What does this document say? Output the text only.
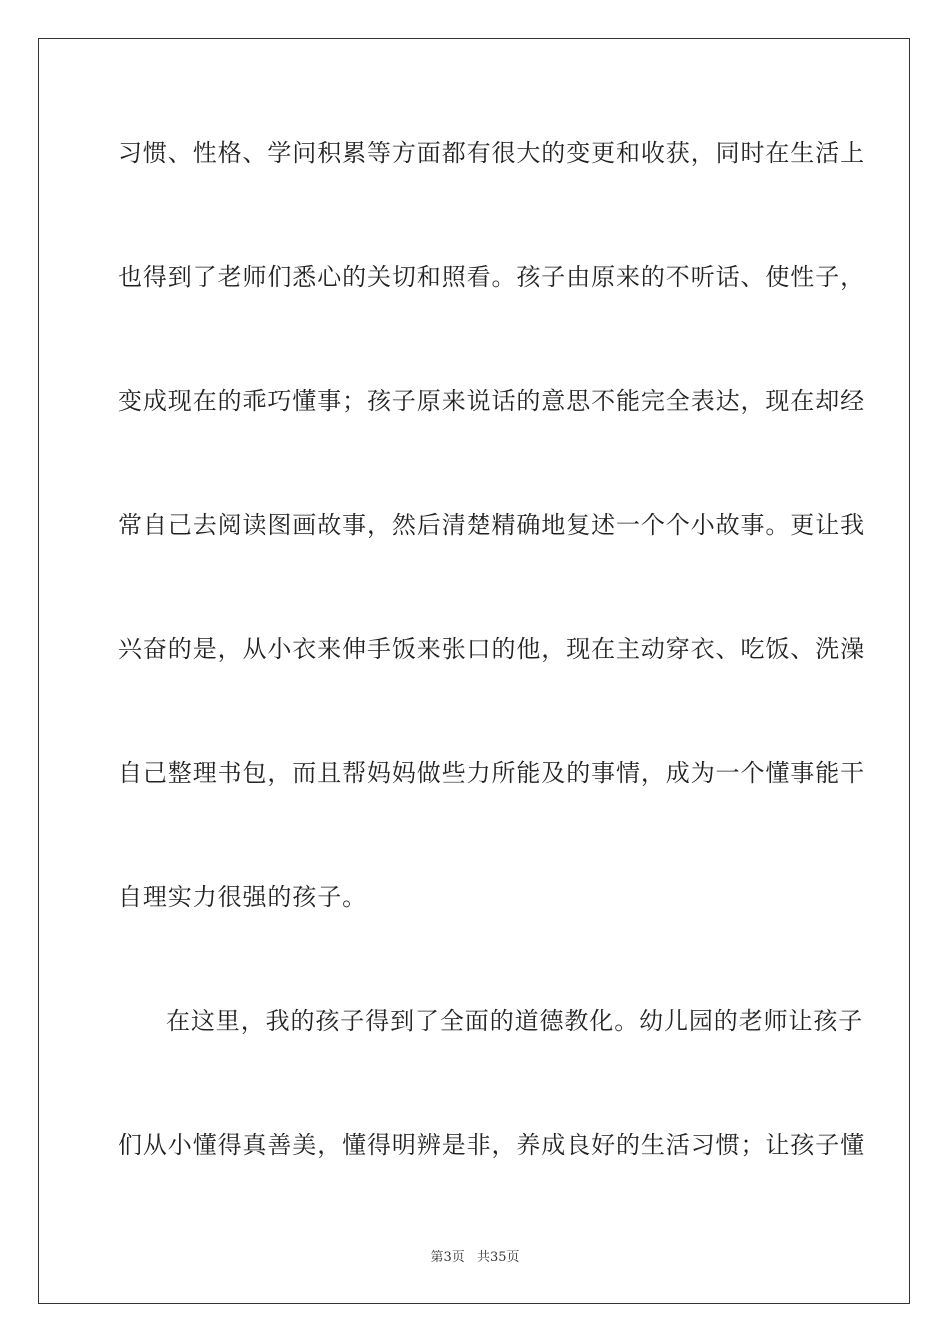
习惯、性格、学问积累等方面都有很大的变更和收获，同时在生活上
也得到了老师们悉心的关切和照看。孩子由原来的不听话、使性子，
变成现在的乖巧懂事；孩子原来说话的意思不能完全表达，现在却经
常自己去阅读图画故事，然后清楚精确地复述一个个小故事。更让我
兴奋的是，从小衣来伸手饭来张口的他，现在主动穿衣、吃饭、洗澡
自己整理书包，而且帮妈妈做些力所能及的事情，成为一个懂事能干
自理实力很强的孩子。
在这里，我的孩子得到了全面的道德教化。幼儿园的老师让孩子
们从小懂得真善美，懂得明辨是非，养成良好的生活习惯；让孩子懂
第3页 共35页
